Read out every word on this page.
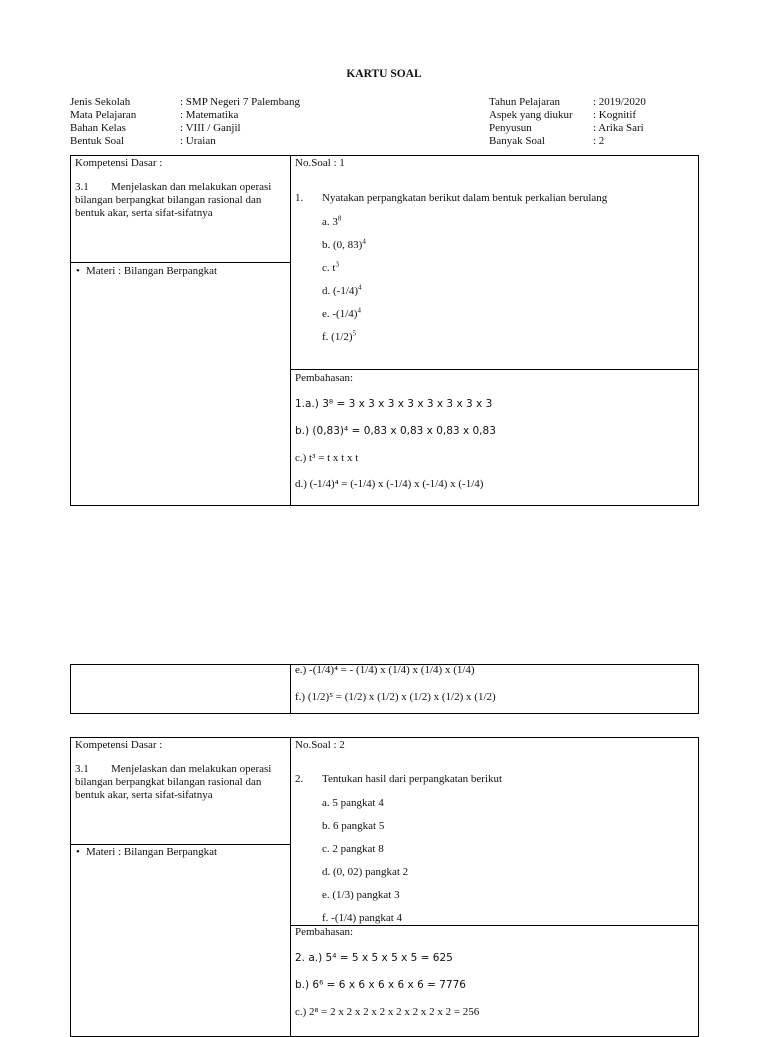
KARTU SOAL
Jenis Sekolah	: SMP Negeri 7 Palembang
Mata Pelajaran	: Matematika
Bahan Kelas	: VIII / Ganjil
Bentuk Soal	: Uraian
Tahun Pelajaran	: 2019/2020
Aspek yang diukur : Kognitif
Penyusun	: Arika Sari
Banyak Soal	: 2
Kompetensi Dasar :
3.1	Menjelaskan dan melakukan operasi bilangan berpangkat bilangan rasional dan bentuk akar, serta sifat-sifatnya
• Materi : Bilangan Berpangkat
No.Soal : 1
1. Nyatakan perpangkatan berikut dalam bentuk perkalian berulang
a. $3^8$
b. (0, 83)$^4$
c. $t^3$
d. $(-1/4)^4$
e. $-(1/4)^4$
f. $(1/2)^5$
Pembahasan:
1.a.) 3⁸ = 3 x 3 x 3 x 3 x 3 x 3 x 3 x 3
b.) (0,83)⁴ = 0,83 x 0,83 x 0,83 x 0,83
c.) t³ = t x t x t
d.) (-1/4)⁴ = (-1/4) x (-1/4) x (-1/4) x (-1/4)
e.) -(1/4)⁴ = - (1/4) x (1/4) x (1/4) x (1/4)
f.) (1/2)⁵ = (1/2) x (1/2) x (1/2) x (1/2) x (1/2)
Kompetensi Dasar :
3.1	Menjelaskan dan melakukan operasi bilangan berpangkat bilangan rasional dan bentuk akar, serta sifat-sifatnya
• Materi : Bilangan Berpangkat
No.Soal : 2
2. Tentukan hasil dari perpangkatan berikut
a. 5 pangkat 4
b. 6 pangkat 5
c. 2 pangkat 8
d. (0, 02) pangkat 2
e. (1/3) pangkat 3
f. -(1/4) pangkat 4
Pembahasan:
2. a.) 5⁴ = 5 x 5 x 5 x 5 = 625
b.) 6⁶ = 6 x 6 x 6 x 6 x 6 = 7776
c.) 2⁸ = 2 x 2 x 2 x 2 x 2 x 2 x 2 x 2 = 256
